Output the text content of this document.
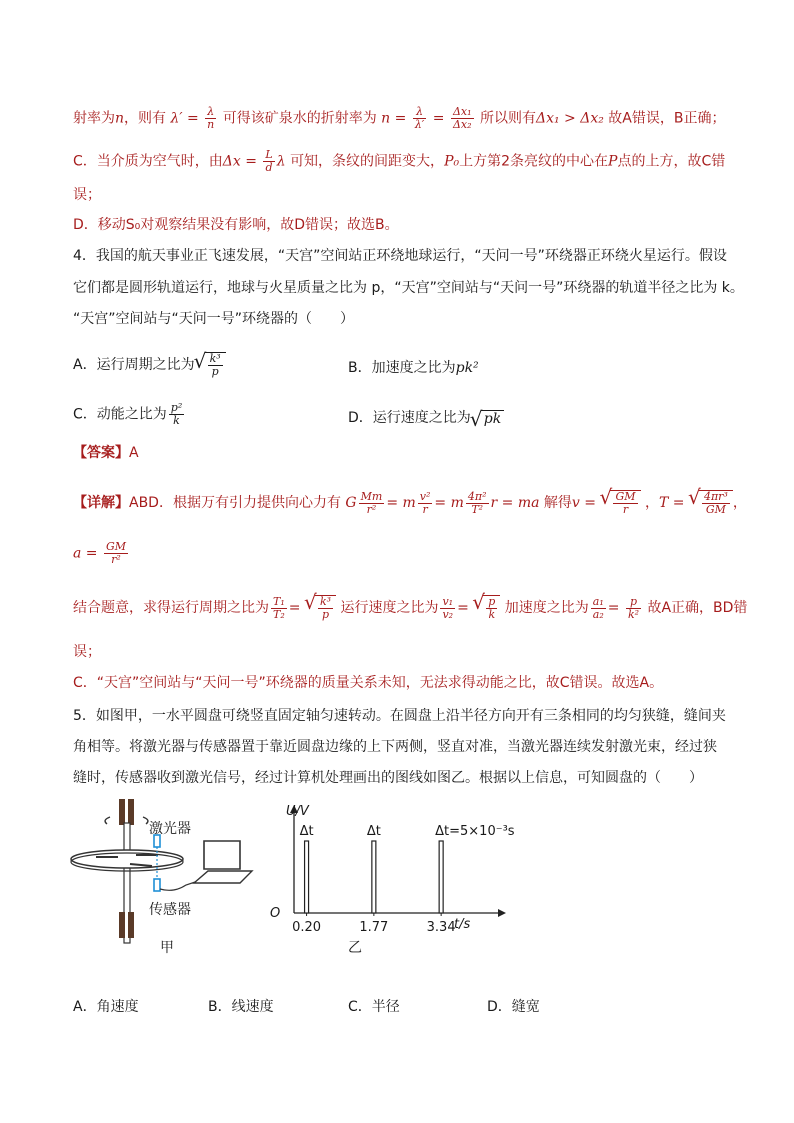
射率为n，则有 $\lambda' = \frac{\lambda}{n}$ 可得该矿泉水的折射率为 $n = \frac{\lambda}{\lambda'} = \frac{\text{Δx₁}}{\text{Δx₂}}$ 所以则有Δx₁ > Δx₂ 故A错误，B正确；
C．当介质为空气时，由$\Delta x = \frac{L}{d}$ λ 可知，条纹的间距变大，P₀上方第2条亮纹的中心在P点的上方，故C错
误；
D．移动S₀对观察结果没有影响，故D错误；故选B。
4．我国的航天事业正飞速发展，“天宫”空间站正环绕地球运行，“天问一号”环绕器正环绕火星运行。假设
它们都是圆形轨道运行，地球与火星质量之比为 p，“天宫”空间站与“天问一号”环绕器的轨道半径之比为 k。
“天宫”空间站与“天问一号”环绕器的（　　）
A．运行周期之比为 √ $\frac{\text{k³}}{p}$	B．加速度之比为pk²
C．动能之比为 $\frac{\text{p²}}{k}$	D．运行速度之比为 √ pk
【答案】A
【详解】ABD．根据万有引力提供向心力有 G $\frac{Mm}{\text{r²}} = m \frac{\text{v²}}{r} = m \frac{\text{4π²}}{\text{T²}}$ r = ma 解得v = √ $\frac{GM}{r}$ ，T = √ $\frac{\text{4πr³}}{GM}$ ，
$a = \frac{GM}{\text{r²}}$
结合题意，求得运行周期之比为 $\frac{\text{T₁}}{\text{T₂}}$ = √ $\frac{\text{k³}}{p}$ 运行速度之比为 $\frac{\text{v₁}}{\text{v₂}}$ = √ $\frac{p}{k}$ 加速度之比为 $\frac{\text{a₁}}{\text{a₂}} = \frac{p}{\text{k²}}$ 故A正确，BD错
误；
C．“天宫”空间站与“天问一号”环绕器的质量关系未知，无法求得动能之比，故C错误。故选A。
5．如图甲，一水平圆盘可绕竖直固定轴匀速转动。在圆盘上沿半径方向开有三条相同的均匀狭缝，缝间夹
角相等。将激光器与传感器置于靠近圆盘边缘的上下两侧，竖直对准，当激光器连续发射激光束，经过狭
缝时，传感器收到激光信号，经过计算机处理画出的图线如图乙。根据以上信息，可知圆盘的（　　）
激光器
传感器
甲
U/V
t/s
O
0.20
Δt
1.77
Δt
3.34
Δt=5×10⁻³s
乙
A．角速度	B．线速度	C．半径	D．缝宽
